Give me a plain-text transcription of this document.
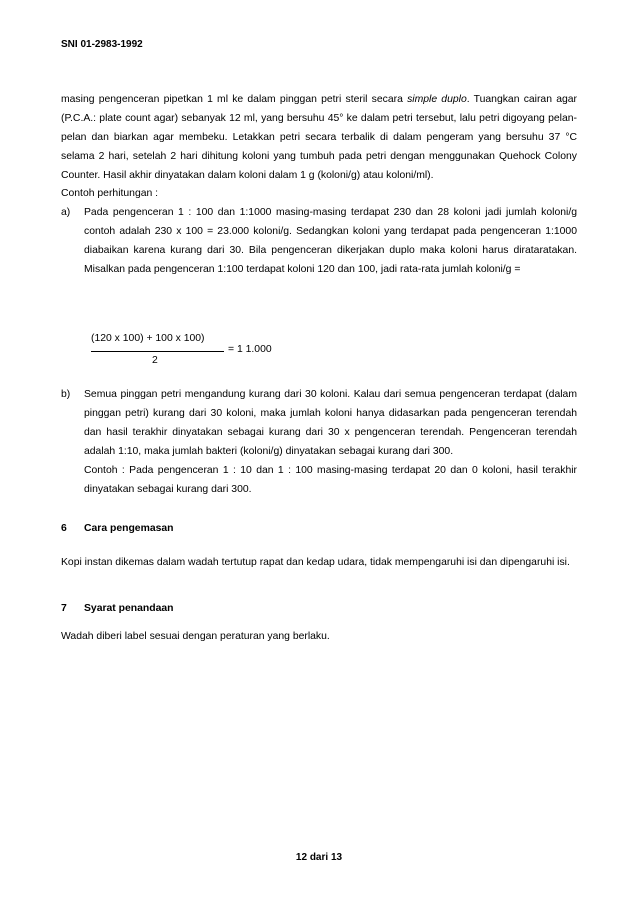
SNI 01-2983-1992
masing pengenceran pipetkan 1 ml ke dalam pinggan petri steril secara simple duplo. Tuangkan cairan agar (P.C.A.: plate count agar) sebanyak 12 ml, yang bersuhu 45° ke dalam petri tersebut, lalu petri digoyang pelan-pelan dan biarkan agar membeku. Letakkan petri secara terbalik di dalam pengeram yang bersuhu 37 °C selama 2 hari, setelah 2 hari dihitung koloni yang tumbuh pada petri dengan menggunakan Quehock Colony Counter. Hasil akhir dinyatakan dalam koloni dalam 1 g (koloni/g) atau koloni/ml).
Contoh perhitungan :
a) Pada pengenceran 1 : 100 dan 1:1000 masing-masing terdapat 230 dan 28 koloni jadi jumlah koloni/g contoh adalah 230 x 100 = 23.000 koloni/g. Sedangkan koloni yang terdapat pada pengenceran 1:1000 diabaikan karena kurang dari 30. Bila pengenceran dikerjakan duplo maka koloni harus dirataratakan. Misalkan pada pengenceran 1:100 terdapat koloni 120 dan 100, jadi rata-rata jumlah koloni/g =
(120 x 100) + 100 x 100)
2
= 1 1.000
b) Semua pinggan petri mengandung kurang dari 30 koloni. Kalau dari semua pengenceran terdapat (dalam pinggan petri) kurang dari 30 koloni, maka jumlah koloni hanya didasarkan pada pengenceran terendah dan hasil terakhir dinyatakan sebagai kurang dari 30 x pengenceran terendah. Pengenceran terendah adalah 1:10, maka jumlah bakteri (koloni/g) dinyatakan sebagai kurang dari 300.
Contoh : Pada pengenceran 1 : 10 dan 1 : 100 masing-masing terdapat 20 dan 0 koloni, hasil terakhir dinyatakan sebagai kurang dari 300.
6 Cara pengemasan
Kopi instan dikemas dalam wadah tertutup rapat dan kedap udara, tidak mempengaruhi isi dan dipengaruhi isi.
7 Syarat penandaan
Wadah diberi label sesuai dengan peraturan yang berlaku.
12 dari 13
